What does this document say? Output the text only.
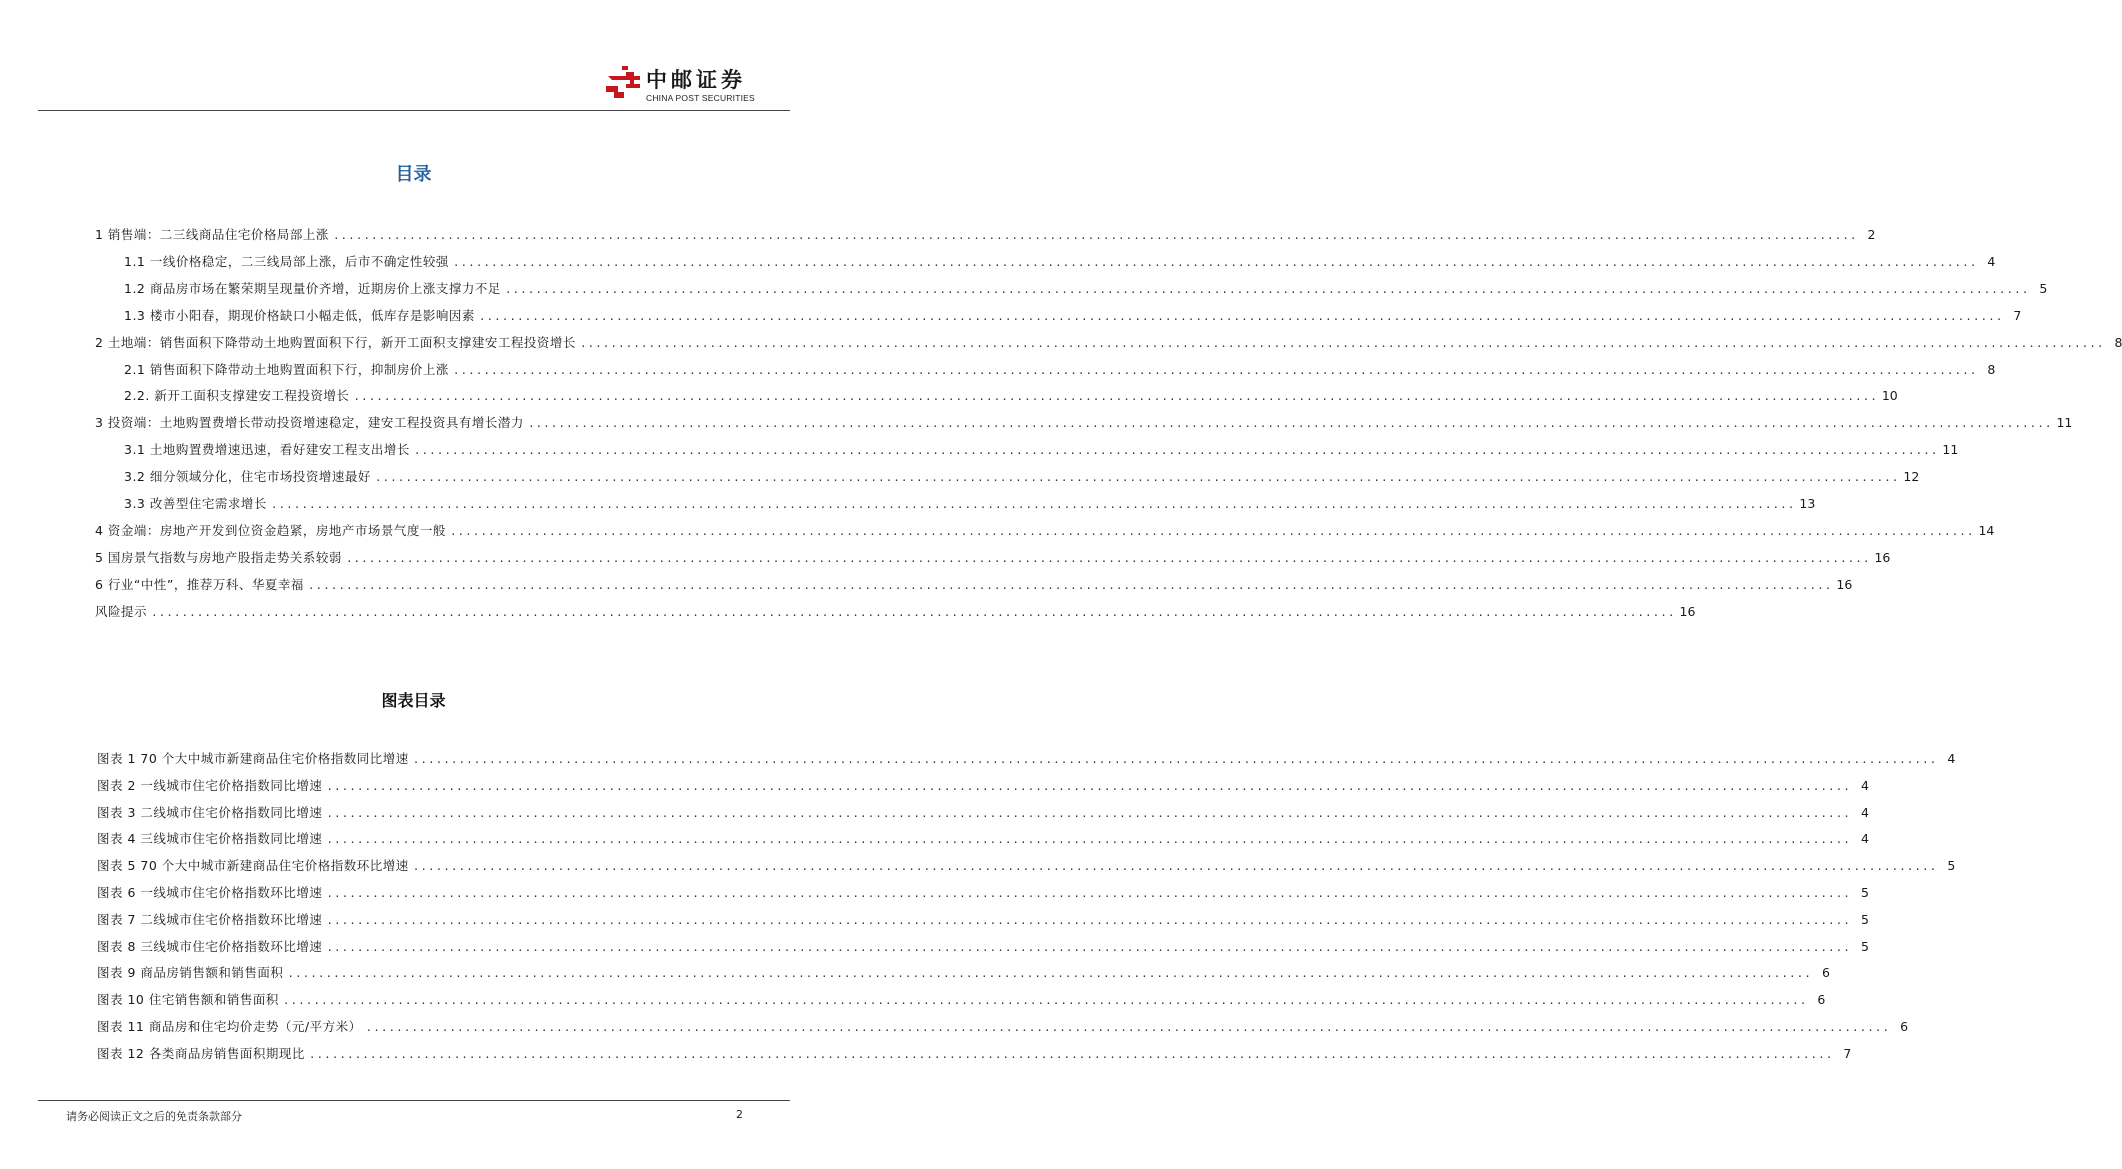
中邮证券
CHINA POST SECURITIES
目录
1 销售端：二三线商品住宅价格局部上涨 ........................................................................................................................................................................................................ 2
1.1 一线价格稳定，二三线局部上涨，后市不确定性较强 ........................................................................................................................................................................................................ 4
1.2 商品房市场在繁荣期呈现量价齐增，近期房价上涨支撑力不足 ........................................................................................................................................................................................................ 5
1.3 楼市小阳春，期现价格缺口小幅走低，低库存是影响因素 ........................................................................................................................................................................................................ 7
2 土地端：销售面积下降带动土地购置面积下行，新开工面积支撑建安工程投资增长 ........................................................................................................................................................................................................ 8
2.1 销售面积下降带动土地购置面积下行，抑制房价上涨 ........................................................................................................................................................................................................ 8
2.2. 新开工面积支撑建安工程投资增长 ........................................................................................................................................................................................................ 10
3 投资端：土地购置费增长带动投资增速稳定，建安工程投资具有增长潜力 ........................................................................................................................................................................................................ 11
3.1 土地购置费增速迅速，看好建安工程支出增长 ........................................................................................................................................................................................................ 11
3.2 细分领域分化，住宅市场投资增速最好 ........................................................................................................................................................................................................ 12
3.3 改善型住宅需求增长 ........................................................................................................................................................................................................ 13
4 资金端：房地产开发到位资金趋紧，房地产市场景气度一般 ........................................................................................................................................................................................................ 14
5 国房景气指数与房地产股指走势关系较弱 ........................................................................................................................................................................................................ 16
6 行业“中性”，推荐万科、华夏幸福 ........................................................................................................................................................................................................ 16
风险提示 ........................................................................................................................................................................................................ 16
图表目录
图表 1 70 个大中城市新建商品住宅价格指数同比增速 ........................................................................................................................................................................................................ 4
图表 2 一线城市住宅价格指数同比增速 ........................................................................................................................................................................................................ 4
图表 3 二线城市住宅价格指数同比增速 ........................................................................................................................................................................................................ 4
图表 4 三线城市住宅价格指数同比增速 ........................................................................................................................................................................................................ 4
图表 5 70 个大中城市新建商品住宅价格指数环比增速 ........................................................................................................................................................................................................ 5
图表 6 一线城市住宅价格指数环比增速 ........................................................................................................................................................................................................ 5
图表 7 二线城市住宅价格指数环比增速 ........................................................................................................................................................................................................ 5
图表 8 三线城市住宅价格指数环比增速 ........................................................................................................................................................................................................ 5
图表 9 商品房销售额和销售面积 ........................................................................................................................................................................................................ 6
图表 10 住宅销售额和销售面积 ........................................................................................................................................................................................................ 6
图表 11 商品房和住宅均价走势（元/平方米） ........................................................................................................................................................................................................ 6
图表 12 各类商品房销售面积期现比 ........................................................................................................................................................................................................ 7
请务必阅读正文之后的免责条款部分	2
